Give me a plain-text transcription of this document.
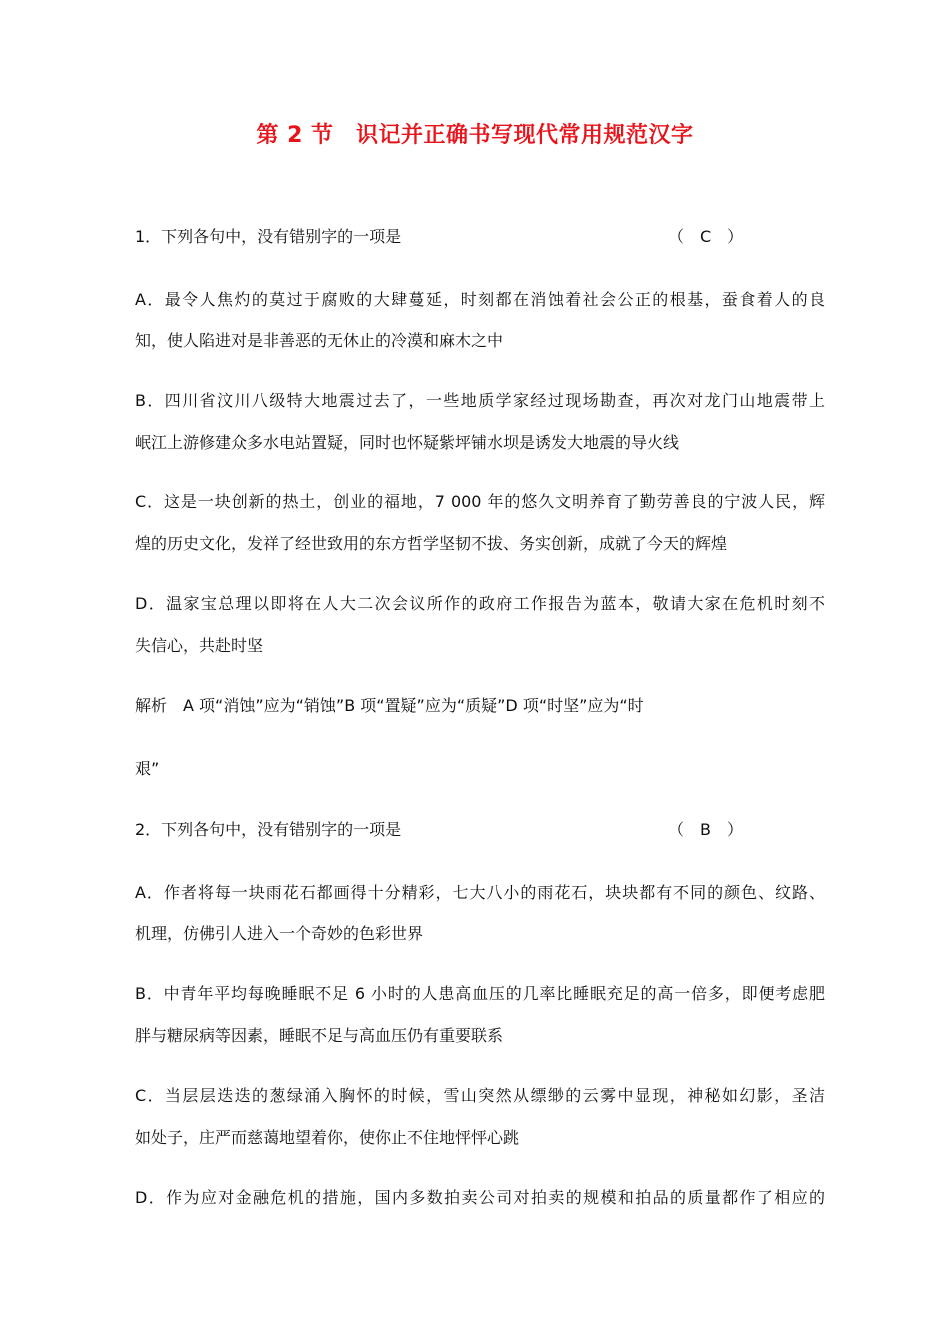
第 2 节　识记并正确书写现代常用规范汉字
1．下列各句中，没有错别字的一项是	（　C　）
A．最令人焦灼的莫过于腐败的大肆蔓延，时刻都在消蚀着社会公正的根基，蚕食着人的良
知，使人陷进对是非善恶的无休止的冷漠和麻木之中
B．四川省汶川八级特大地震过去了，一些地质学家经过现场勘查，再次对龙门山地震带上
岷江上游修建众多水电站置疑，同时也怀疑紫坪铺水坝是诱发大地震的导火线
C．这是一块创新的热土，创业的福地，7 000 年的悠久文明养育了勤劳善良的宁波人民，辉
煌的历史文化，发祥了经世致用的东方哲学坚韧不拔、务实创新，成就了今天的辉煌
D．温家宝总理以即将在人大二次会议所作的政府工作报告为蓝本，敬请大家在危机时刻不
失信心，共赴时坚
解析　A 项“消蚀”应为“销蚀”B 项“置疑”应为“质疑”D 项“时坚”应为“时
艰”
2．下列各句中，没有错别字的一项是	（　B　）
A．作者将每一块雨花石都画得十分精彩，七大八小的雨花石，块块都有不同的颜色、纹路、
机理，仿佛引人进入一个奇妙的色彩世界
B．中青年平均每晚睡眠不足 6 小时的人患高血压的几率比睡眠充足的高一倍多，即便考虑肥
胖与糖尿病等因素，睡眠不足与高血压仍有重要联系
C．当层层迭迭的葱绿涌入胸怀的时候，雪山突然从缥缈的云雾中显现，神秘如幻影，圣洁
如处子，庄严而慈蔼地望着你，使你止不住地怦怦心跳
D．作为应对金融危机的措施，国内多数拍卖公司对拍卖的规模和拍品的质量都作了相应的
